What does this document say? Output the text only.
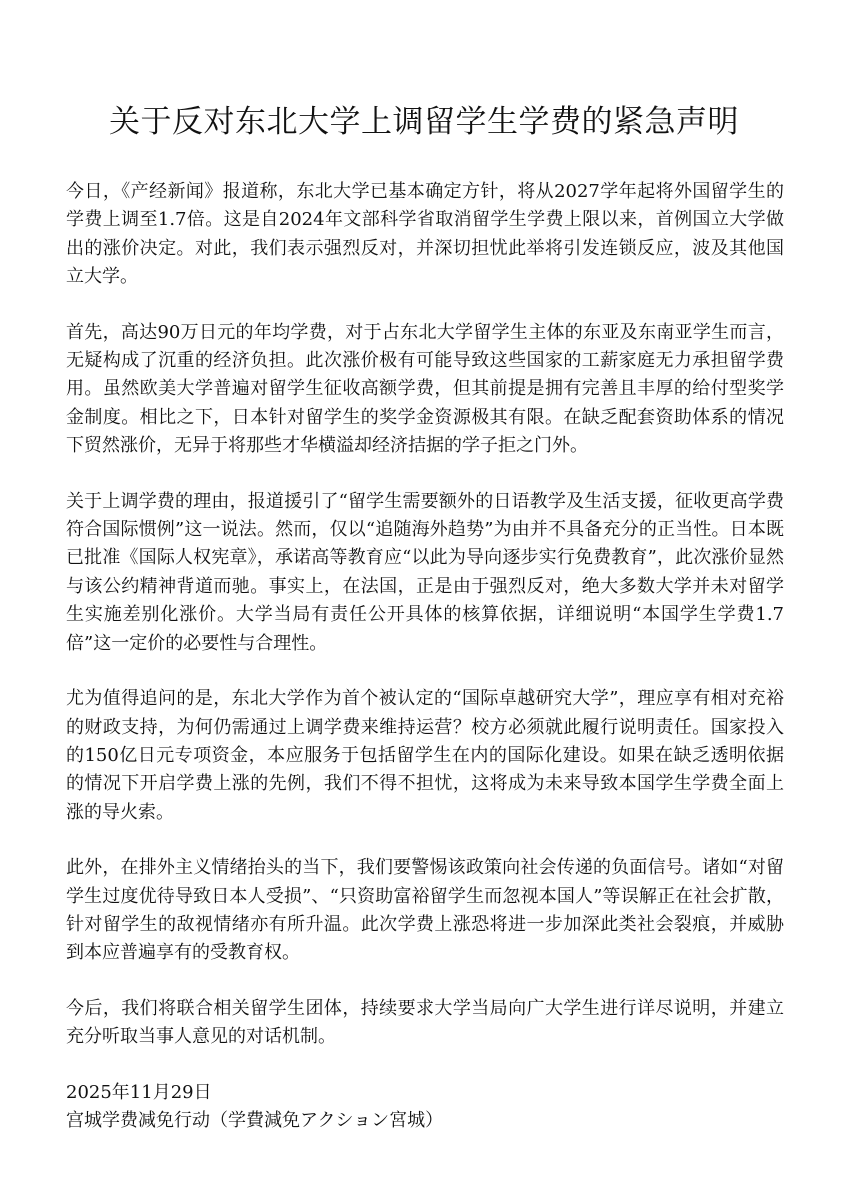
关于反对东北大学上调留学生学费的紧急声明

今日，《产经新闻》报道称，东北大学已基本确定方针，将从2027学年起将外国留学生的学费上调至1.7倍。这是自2024年文部科学省取消留学生学费上限以来，首例国立大学做出的涨价决定。对此，我们表示强烈反对，并深切担忧此举将引发连锁反应，波及其他国立大学。

首先，高达90万日元的年均学费，对于占东北大学留学生主体的东亚及东南亚学生而言，无疑构成了沉重的经济负担。此次涨价极有可能导致这些国家的工薪家庭无力承担留学费用。虽然欧美大学普遍对留学生征收高额学费，但其前提是拥有完善且丰厚的给付型奖学金制度。相比之下，日本针对留学生的奖学金资源极其有限。在缺乏配套资助体系的情况下贸然涨价，无异于将那些才华横溢却经济拮据的学子拒之门外。

关于上调学费的理由，报道援引了“留学生需要额外的日语教学及生活支援，征收更高学费符合国际惯例”这一说法。然而，仅以“追随海外趋势”为由并不具备充分的正当性。日本既已批准《国际人权宪章》，承诺高等教育应“以此为导向逐步实行免费教育”，此次涨价显然与该公约精神背道而驰。事实上，在法国，正是由于强烈反对，绝大多数大学并未对留学生实施差别化涨价。大学当局有责任公开具体的核算依据，详细说明“本国学生学费1.7倍”这一定价的必要性与合理性。

尤为值得追问的是，东北大学作为首个被认定的“国际卓越研究大学”，理应享有相对充裕的财政支持，为何仍需通过上调学费来维持运营？校方必须就此履行说明责任。国家投入的150亿日元专项资金，本应服务于包括留学生在内的国际化建设。如果在缺乏透明依据的情况下开启学费上涨的先例，我们不得不担忧，这将成为未来导致本国学生学费全面上涨的导火索。

此外，在排外主义情绪抬头的当下，我们要警惕该政策向社会传递的负面信号。诸如“对留学生过度优待导致日本人受损”、“只资助富裕留学生而忽视本国人”等误解正在社会扩散，针对留学生的敌视情绪亦有所升温。此次学费上涨恐将进一步加深此类社会裂痕，并威胁到本应普遍享有的受教育权。

今后，我们将联合相关留学生团体，持续要求大学当局向广大学生进行详尽说明，并建立充分听取当事人意见的对话机制。

2025年11月29日

宫城学费减免行动（学費減免アクション宮城）
